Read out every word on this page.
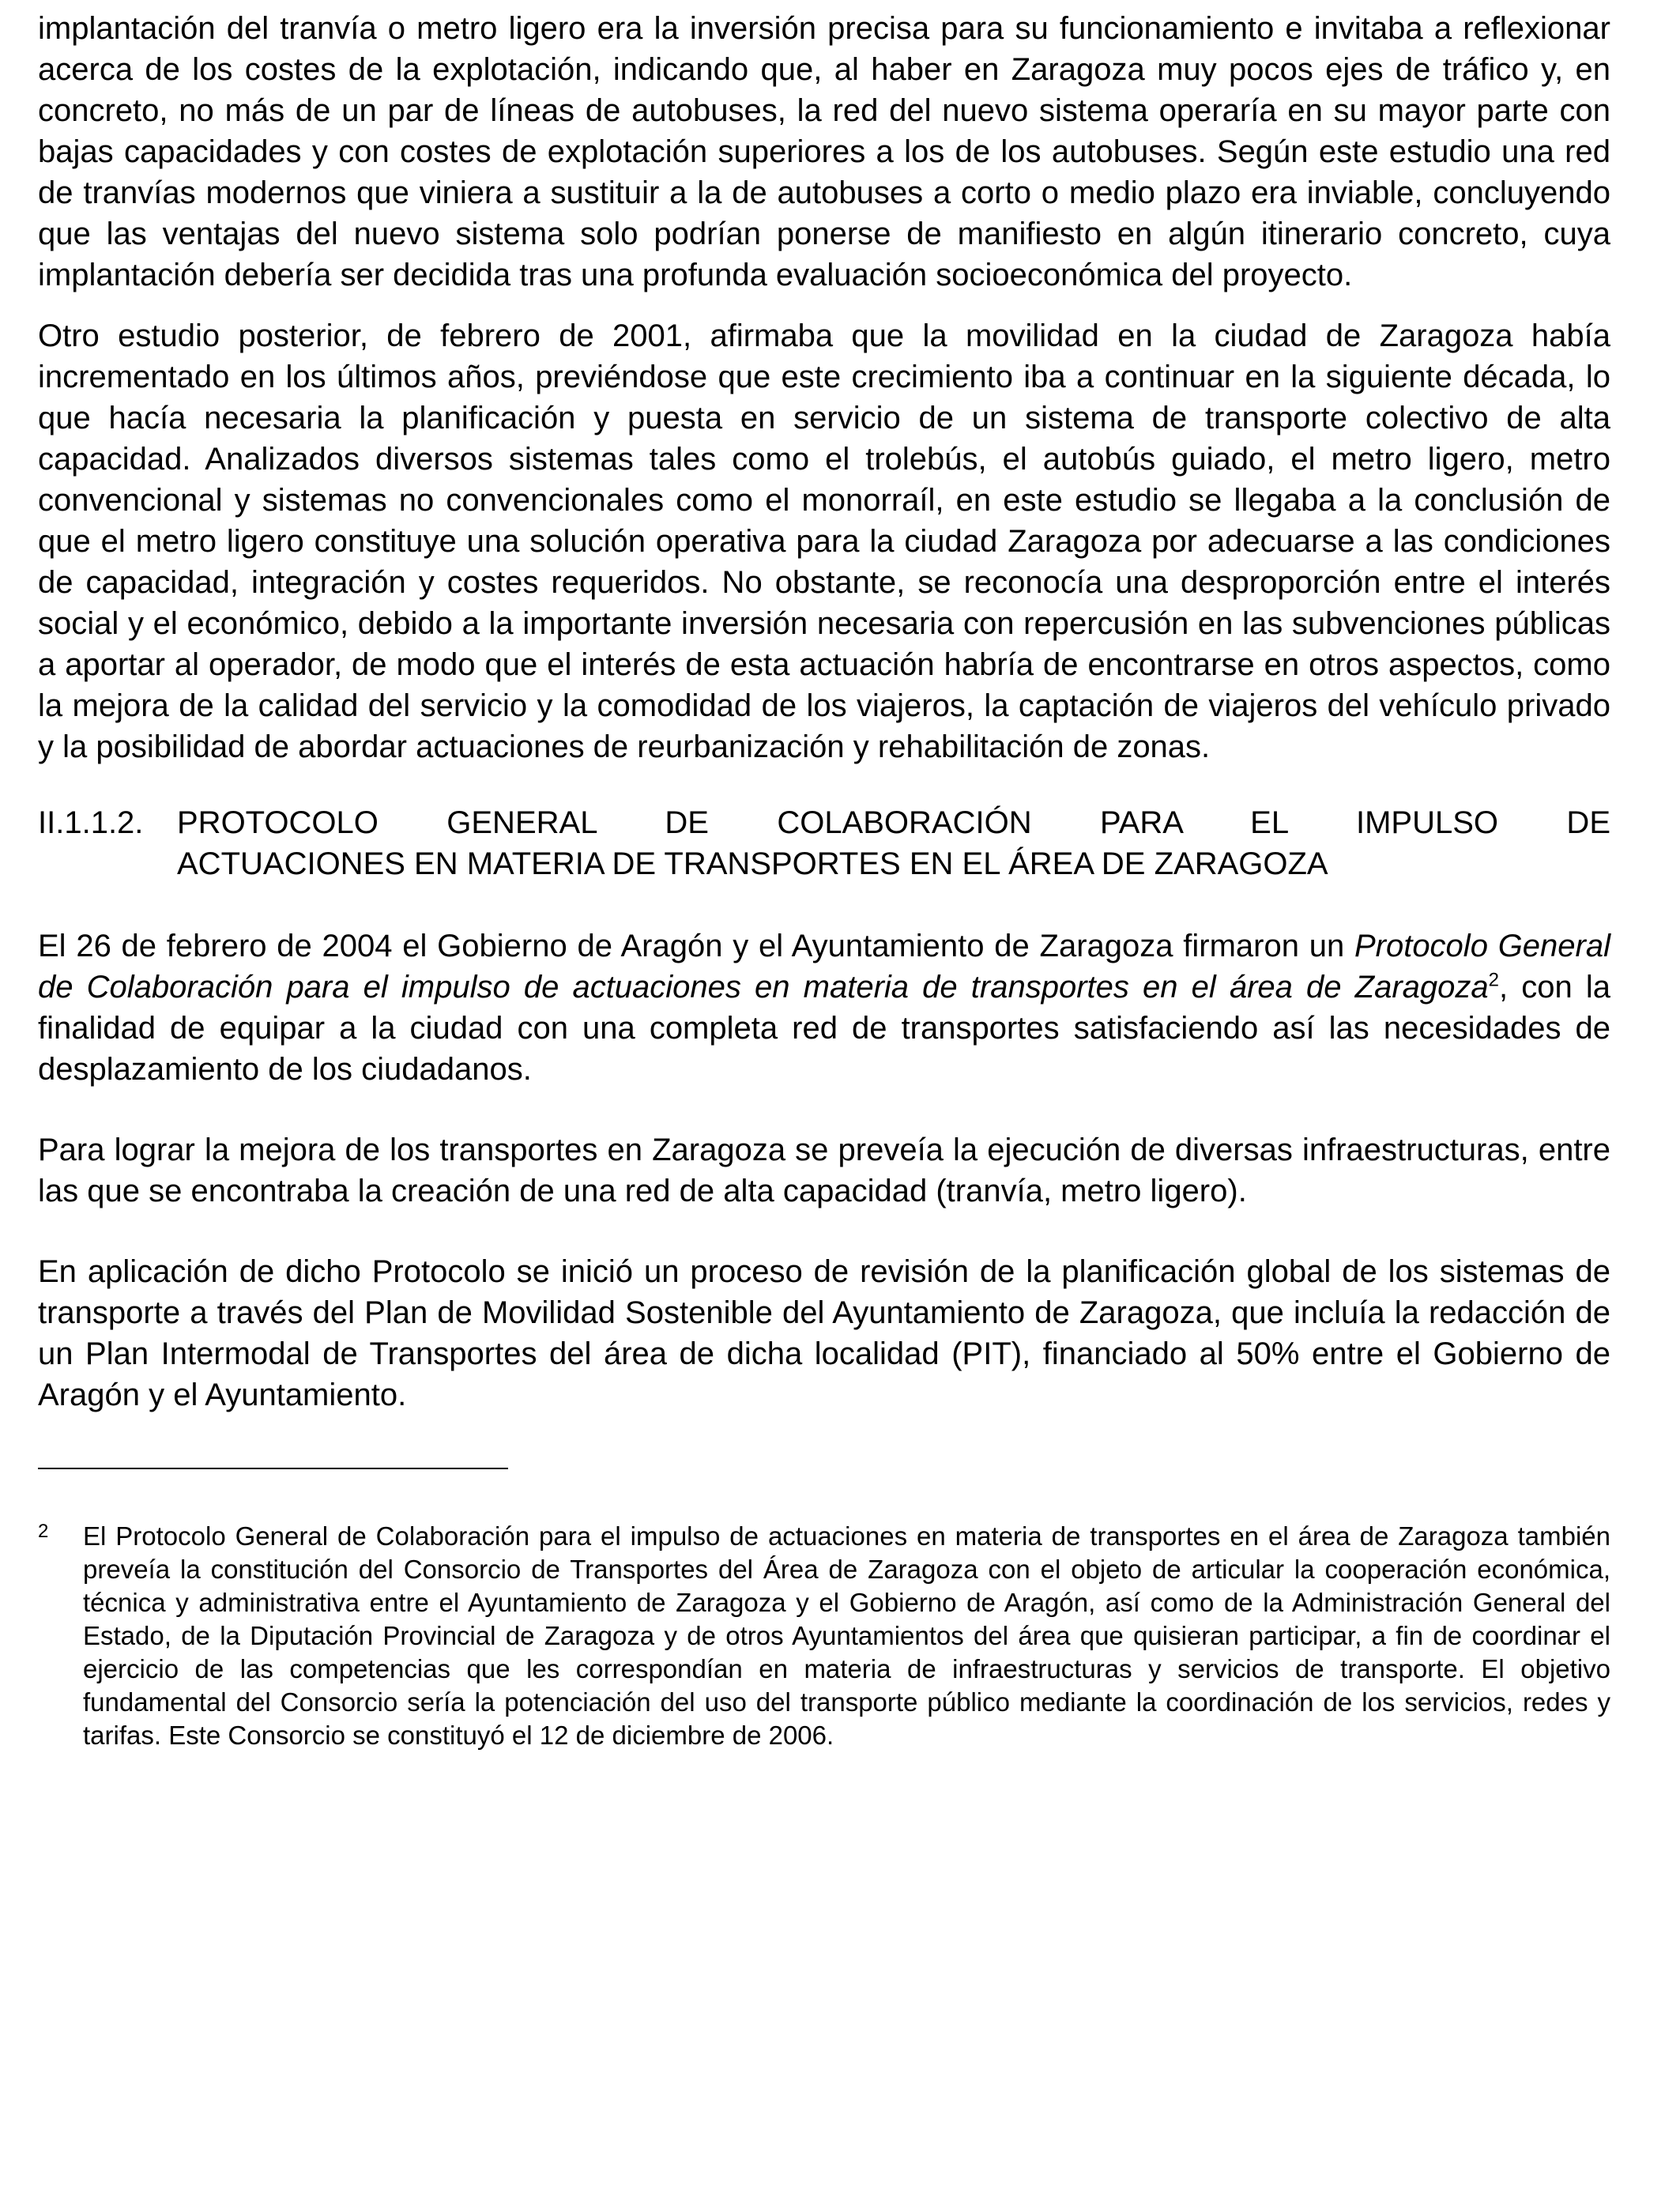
implantación del tranvía o metro ligero era la inversión precisa para su funcionamiento e invitaba a reflexionar acerca de los costes de la explotación, indicando que, al haber en Zaragoza muy pocos ejes de tráfico y, en concreto, no más de un par de líneas de autobuses, la red del nuevo sistema operaría en su mayor parte con bajas capacidades y con costes de explotación superiores a los de los autobuses. Según este estudio una red de tranvías modernos que viniera a sustituir a la de autobuses a corto o medio plazo era inviable, concluyendo que las ventajas del nuevo sistema solo podrían ponerse de manifiesto en algún itinerario concreto, cuya implantación debería ser decidida tras una profunda evaluación socioeconómica del proyecto.

Otro estudio posterior, de febrero de 2001, afirmaba que la movilidad en la ciudad de Zaragoza había incrementado en los últimos años, previéndose que este crecimiento iba a continuar en la siguiente década, lo que hacía necesaria la planificación y puesta en servicio de un sistema de transporte colectivo de alta capacidad. Analizados diversos sistemas tales como el trolebús, el autobús guiado, el metro ligero, metro convencional y sistemas no convencionales como el monorraíl, en este estudio se llegaba a la conclusión de que el metro ligero constituye una solución operativa para la ciudad Zaragoza por adecuarse a las condiciones de capacidad, integración y costes requeridos. No obstante, se reconocía una desproporción entre el interés social y el económico, debido a la importante inversión necesaria con repercusión en las subvenciones públicas a aportar al operador, de modo que el interés de esta actuación habría de encontrarse en otros aspectos, como la mejora de la calidad del servicio y la comodidad de los viajeros, la captación de viajeros del vehículo privado y la posibilidad de abordar actuaciones de reurbanización y rehabilitación de zonas.

II.1.1.2.	PROTOCOLO GENERAL DE COLABORACIÓN PARA EL IMPULSO DE
ACTUACIONES EN MATERIA DE TRANSPORTES EN EL ÁREA DE ZARAGOZA

El 26 de febrero de 2004 el Gobierno de Aragón y el Ayuntamiento de Zaragoza firmaron un Protocolo General de Colaboración para el impulso de actuaciones en materia de transportes en el área de Zaragoza$^2$, con la finalidad de equipar a la ciudad con una completa red de transportes satisfaciendo así las necesidades de desplazamiento de los ciudadanos.

Para lograr la mejora de los transportes en Zaragoza se preveía la ejecución de diversas infraestructuras, entre las que se encontraba la creación de una red de alta capacidad (tranvía, metro ligero).

En aplicación de dicho Protocolo se inició un proceso de revisión de la planificación global de los sistemas de transporte a través del Plan de Movilidad Sostenible del Ayuntamiento de Zaragoza, que incluía la redacción de un Plan Intermodal de Transportes del área de dicha localidad (PIT), financiado al 50% entre el Gobierno de Aragón y el Ayuntamiento.

2	El Protocolo General de Colaboración para el impulso de actuaciones en materia de transportes en el área de Zaragoza también preveía la constitución del Consorcio de Transportes del Área de Zaragoza con el objeto de articular la cooperación económica, técnica y administrativa entre el Ayuntamiento de Zaragoza y el Gobierno de Aragón, así como de la Administración General del Estado, de la Diputación Provincial de Zaragoza y de otros Ayuntamientos del área que quisieran participar, a fin de coordinar el ejercicio de las competencias que les correspondían en materia de infraestructuras y servicios de transporte. El objetivo fundamental del Consorcio sería la potenciación del uso del transporte público mediante la coordinación de los servicios, redes y tarifas. Este Consorcio se constituyó el 12 de diciembre de 2006.
